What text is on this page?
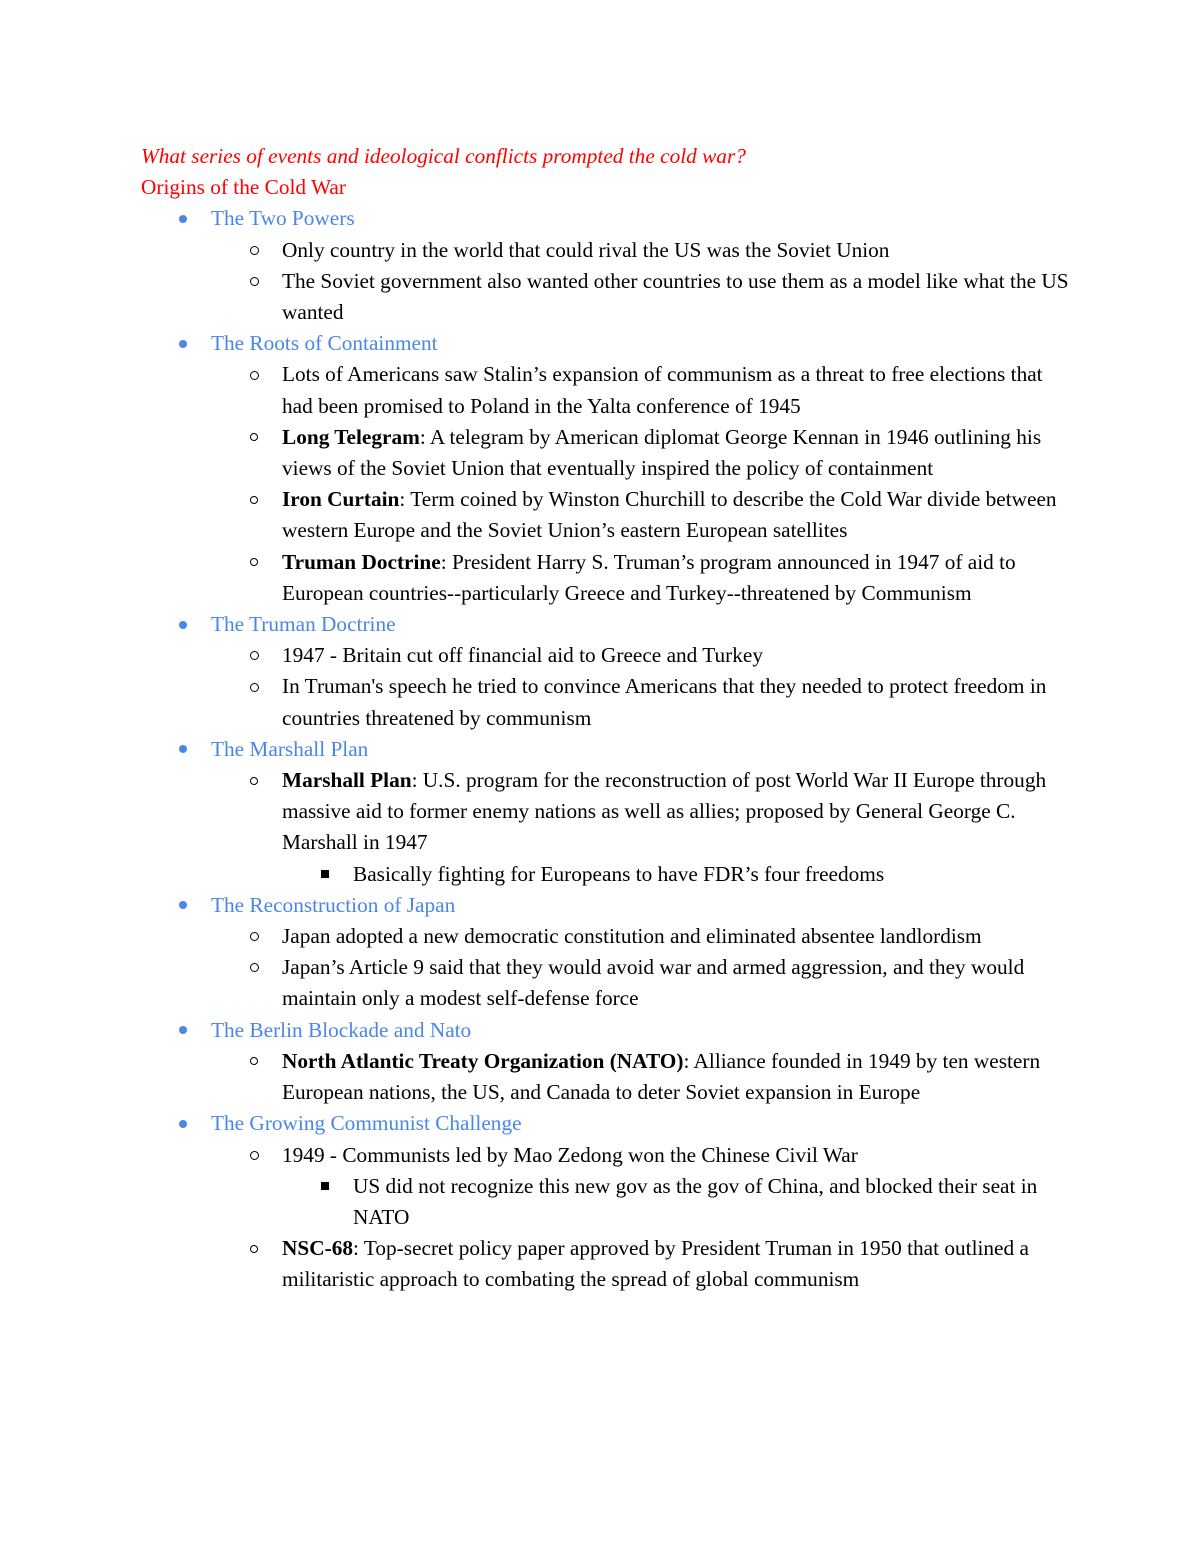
What series of events and ideological conflicts prompted the cold war?
Origins of the Cold War
The Two Powers
Only country in the world that could rival the US was the Soviet Union
The Soviet government also wanted other countries to use them as a model like what the US wanted
The Roots of Containment
Lots of Americans saw Stalin’s expansion of communism as a threat to free elections that had been promised to Poland in the Yalta conference of 1945
Long Telegram: A telegram by American diplomat George Kennan in 1946 outlining his views of the Soviet Union that eventually inspired the policy of containment
Iron Curtain: Term coined by Winston Churchill to describe the Cold War divide between western Europe and the Soviet Union’s eastern European satellites
Truman Doctrine: President Harry S. Truman’s program announced in 1947 of aid to European countries--particularly Greece and Turkey--threatened by Communism
The Truman Doctrine
1947 - Britain cut off financial aid to Greece and Turkey
In Truman's speech he tried to convince Americans that they needed to protect freedom in countries threatened by communism
The Marshall Plan
Marshall Plan: U.S. program for the reconstruction of post World War II Europe through massive aid to former enemy nations as well as allies; proposed by General George C. Marshall in 1947
Basically fighting for Europeans to have FDR’s four freedoms
The Reconstruction of Japan
Japan adopted a new democratic constitution and eliminated absentee landlordism
Japan’s Article 9 said that they would avoid war and armed aggression, and they would maintain only a modest self-defense force
The Berlin Blockade and Nato
North Atlantic Treaty Organization (NATO): Alliance founded in 1949 by ten western European nations, the US, and Canada to deter Soviet expansion in Europe
The Growing Communist Challenge
1949 - Communists led by Mao Zedong won the Chinese Civil War
US did not recognize this new gov as the gov of China, and blocked their seat in NATO
NSC-68: Top-secret policy paper approved by President Truman in 1950 that outlined a militaristic approach to combating the spread of global communism
